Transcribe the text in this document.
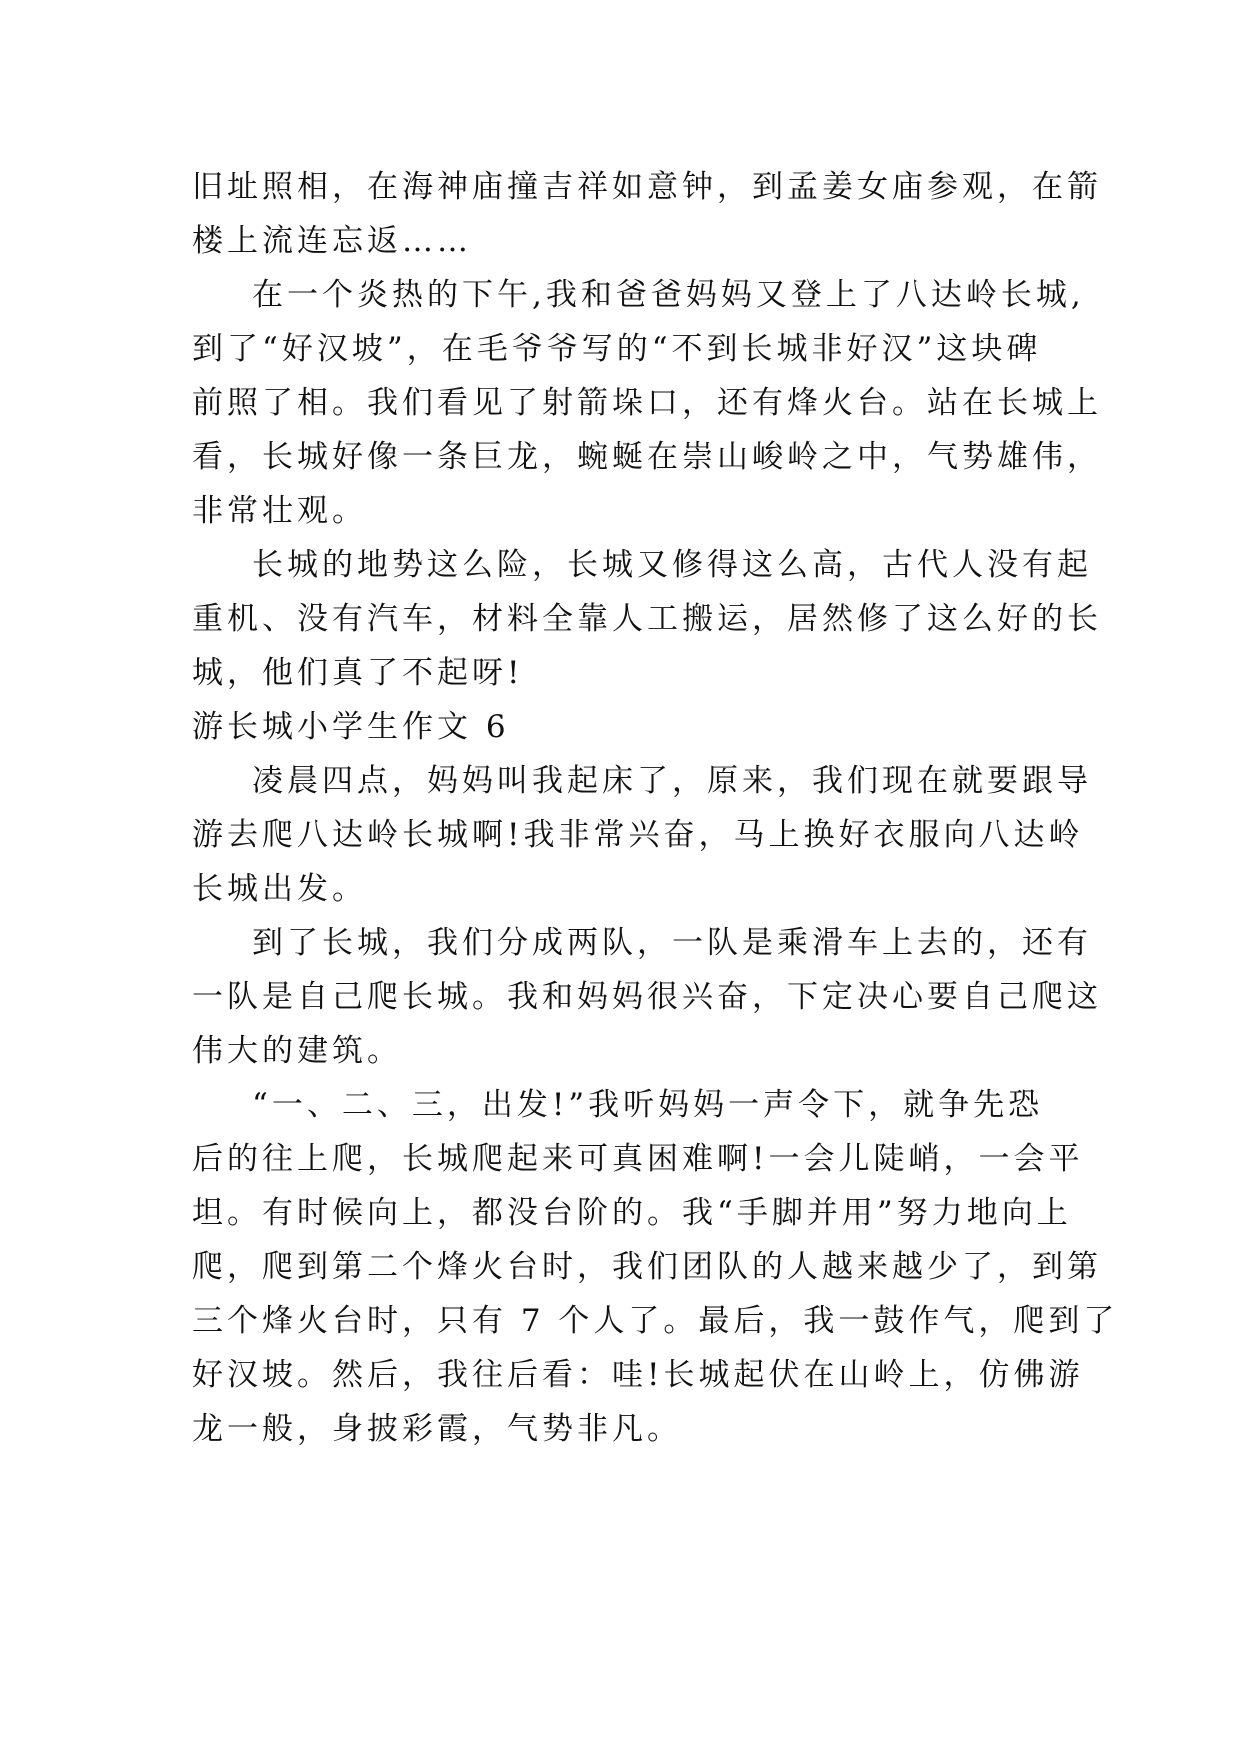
旧址照相，在海神庙撞吉祥如意钟，到孟姜女庙参观，在箭
楼上流连忘返……
在一个炎热的下午,我和爸爸妈妈又登上了八达岭长城,
到了“好汉坡”，在毛爷爷写的“不到长城非好汉”这块碑
前照了相。我们看见了射箭垛口，还有烽火台。站在长城上
看，长城好像一条巨龙，蜿蜒在崇山峻岭之中，气势雄伟，
非常壮观。
长城的地势这么险，长城又修得这么高，古代人没有起
重机、没有汽车，材料全靠人工搬运，居然修了这么好的长
城，他们真了不起呀!
游长城小学生作文 6
凌晨四点，妈妈叫我起床了，原来，我们现在就要跟导
游去爬八达岭长城啊!我非常兴奋，马上换好衣服向八达岭
长城出发。
到了长城，我们分成两队，一队是乘滑车上去的，还有
一队是自己爬长城。我和妈妈很兴奋，下定决心要自己爬这
伟大的建筑。
“一、二、三，出发!”我听妈妈一声令下，就争先恐
后的往上爬，长城爬起来可真困难啊!一会儿陡峭，一会平
坦。有时候向上，都没台阶的。我“手脚并用”努力地向上
爬，爬到第二个烽火台时，我们团队的人越来越少了，到第
三个烽火台时，只有 7 个人了。最后，我一鼓作气，爬到了
好汉坡。然后，我往后看：哇!长城起伏在山岭上，仿佛游
龙一般，身披彩霞，气势非凡。
